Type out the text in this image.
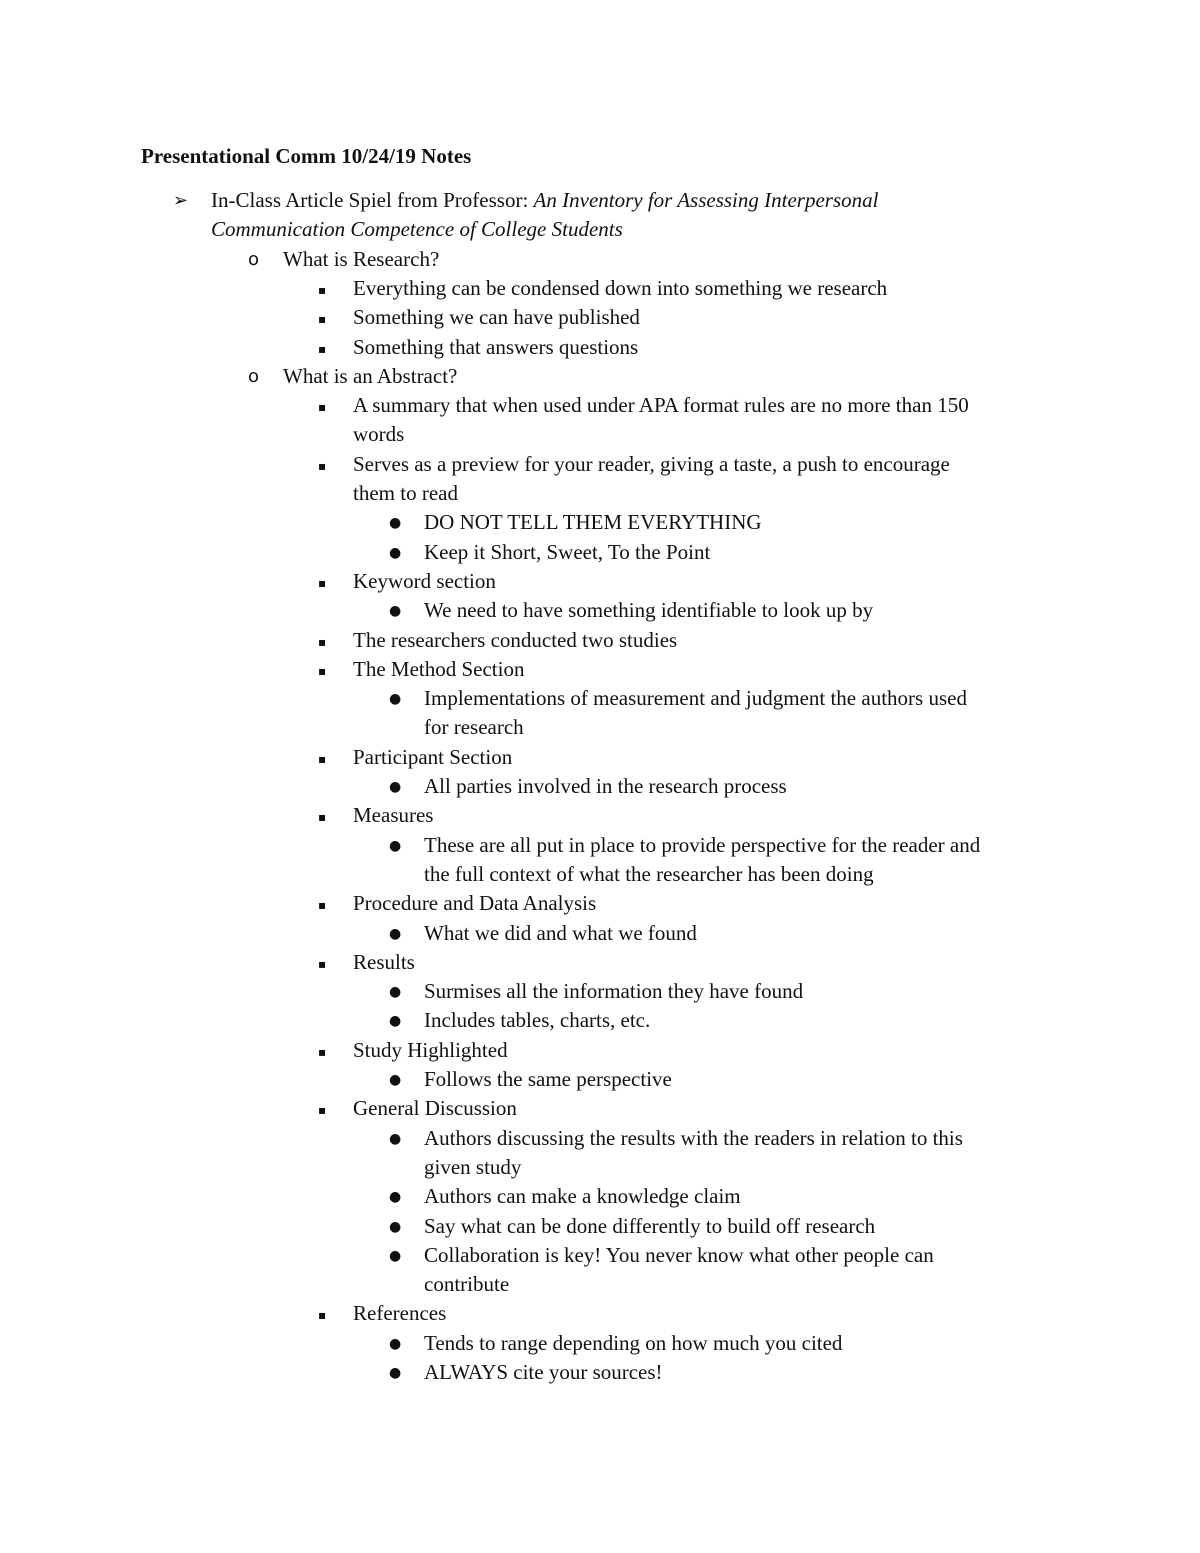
Presentational Comm 10/24/19 Notes
➢ In-Class Article Spiel from Professor: An Inventory for Assessing Interpersonal
Communication Competence of College Students
o What is Research?
▪ Everything can be condensed down into something we research
▪ Something we can have published
▪ Something that answers questions
o What is an Abstract?
▪ A summary that when used under APA format rules are no more than 150
words
▪ Serves as a preview for your reader, giving a taste, a push to encourage
them to read
● DO NOT TELL THEM EVERYTHING
● Keep it Short, Sweet, To the Point
▪ Keyword section
● We need to have something identifiable to look up by
▪ The researchers conducted two studies
▪ The Method Section
● Implementations of measurement and judgment the authors used
for research
▪ Participant Section
● All parties involved in the research process
▪ Measures
● These are all put in place to provide perspective for the reader and
the full context of what the researcher has been doing
▪ Procedure and Data Analysis
● What we did and what we found
▪ Results
● Surmises all the information they have found
● Includes tables, charts, etc.
▪ Study Highlighted
● Follows the same perspective
▪ General Discussion
● Authors discussing the results with the readers in relation to this
given study
● Authors can make a knowledge claim
● Say what can be done differently to build off research
● Collaboration is key! You never know what other people can
contribute
▪ References
● Tends to range depending on how much you cited
● ALWAYS cite your sources!
